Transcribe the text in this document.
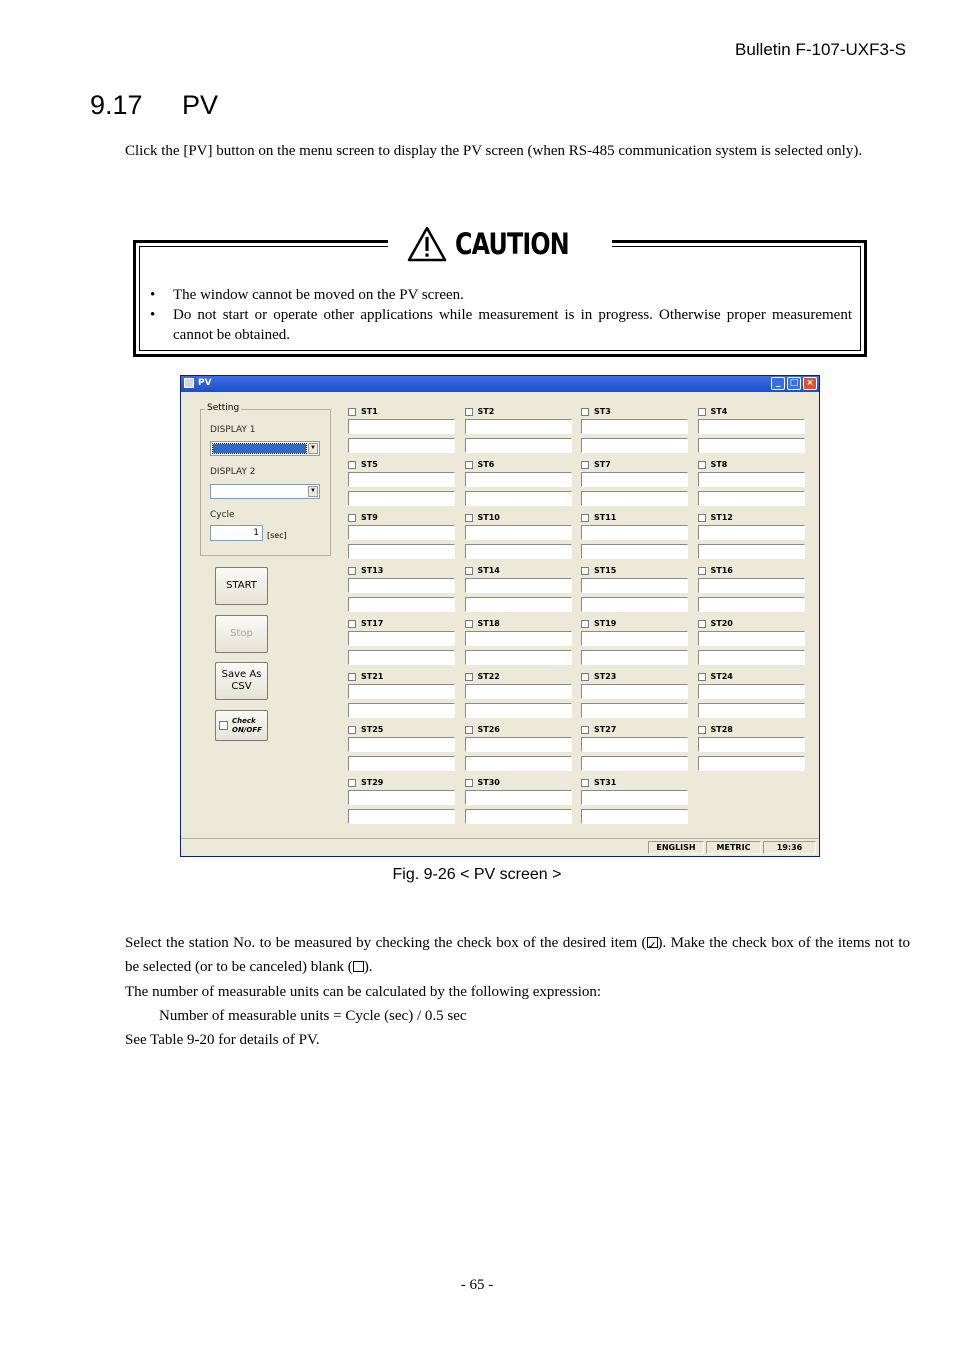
Bulletin F-107-UXF3-S
9.17 PV
Click the [PV] button on the menu screen to display the PV screen (when RS-485 communication system is selected only).
CAUTION
• The window cannot be moved on the PV screen.
• Do not start or operate other applications while measurement is in progress. Otherwise proper measurement cannot be obtained.
PV	_	□ ×
Setting
DISPLAY 1
▼
DISPLAY 2
▼
Cycle
1	[sec]
START
Stop
Save As
CSV
Check
ON/OFF
ST1	ST2	ST3	ST4
ST5	ST6	ST7	ST8
ST9	ST10	ST11	ST12
ST13	ST14	ST15	ST16
ST17	ST18	ST19	ST20
ST21	ST22	ST23	ST24
ST25	ST26	ST27	ST28
ST29	ST30	ST31
ENGLISH	METRIC	19:36
Fig. 9-26 < PV screen >

Select the station No. to be measured by checking the check box of the desired item (✓ ). Make the check box of the items not to be selected (or to be canceled) blank ( ).

The number of measurable units can be calculated by the following expression:

Number of measurable units = Cycle (sec) / 0.5 sec

See Table 9-20 for details of PV.

- 65 -
